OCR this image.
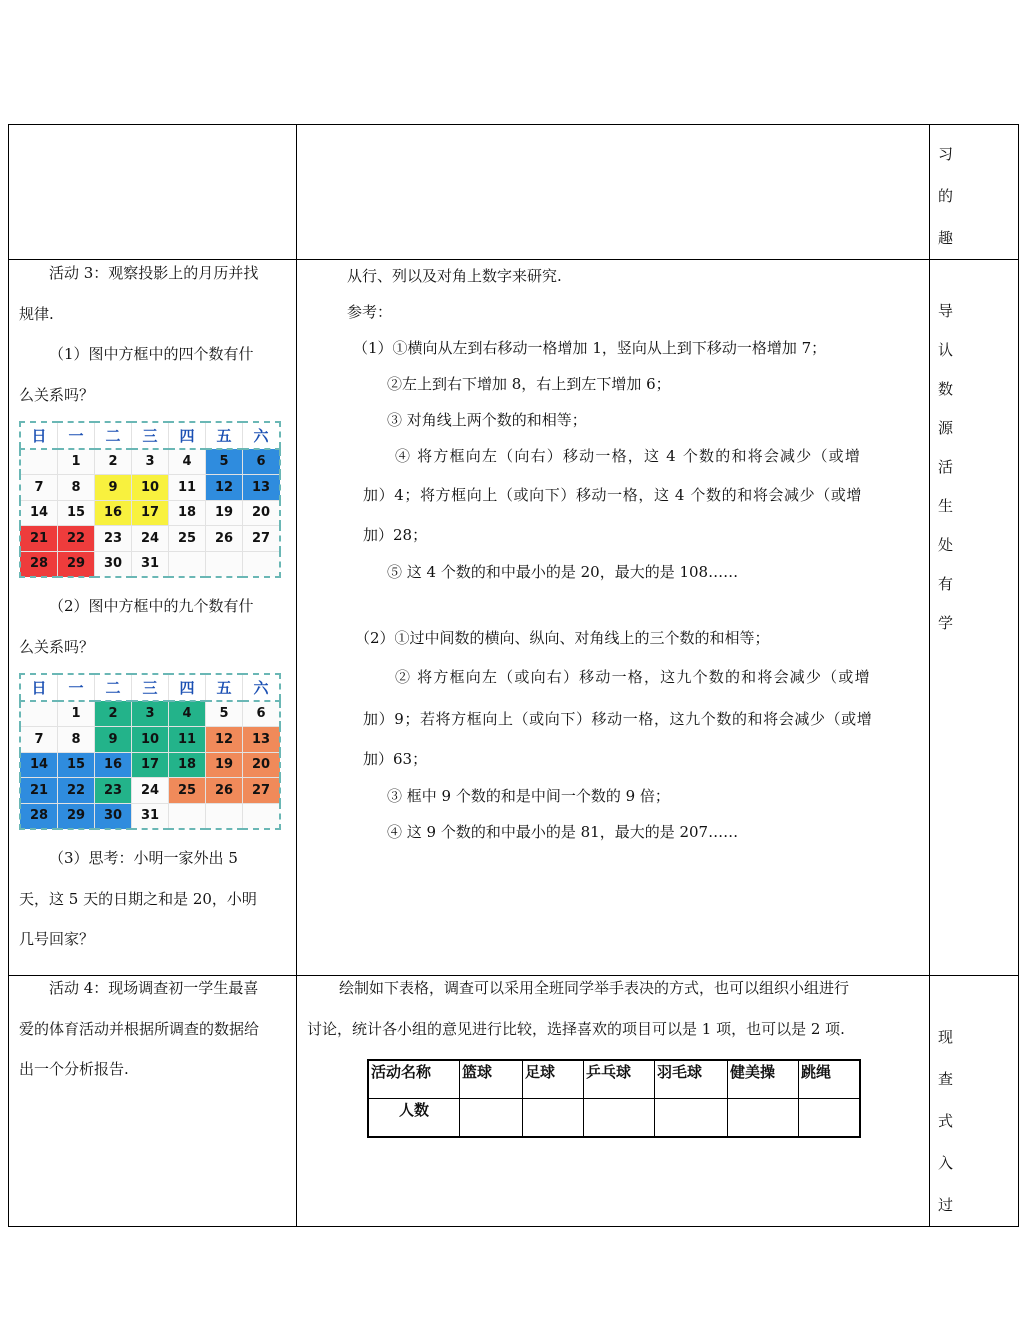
习
的
趣

活动 3：观察投影上的月历并找

规律.

（1）图中方框中的四个数有什

么关系吗？

日	一	二	三	四	五	六
	1	2	3	4	5	6
7	8	9	10	11	12	13
14	15	16	17	18	19	20
21	22	23	24	25	26	27
28	29	30	31			

（2）图中方框中的九个数有什

么关系吗？

日	一	二	三	四	五	六
	1	2	3	4	5	6
7	8	9	10	11	12	13
14	15	16	17	18	19	20
21	22	23	24	25	26	27
28	29	30	31			

（3）思考：小明一家外出 5

天，这 5 天的日期之和是 20，小明

几号回家？

从行、列以及对角上数字来研究.

参考：

（1）①横向从左到右移动一格增加 1，竖向从上到下移动一格增加 7；

②左上到右下增加 8，右上到左下增加 6；

③ 对角线上两个数的和相等；

④ 将方框向左（向右）移动一格，这 4 个数的和将会减少（或增

加）4；将方框向上（或向下）移动一格，这 4 个数的和将会减少（或增

加）28；

⑤ 这 4 个数的和中最小的是 20，最大的是 108……

（2）①过中间数的横向、纵向、对角线上的三个数的和相等；

② 将方框向左（或向右）移动一格，这九个数的和将会减少（或增

加）9；若将方框向上（或向下）移动一格，这九个数的和将会减少（或增

加）63；

③ 框中 9 个数的和是中间一个数的 9 倍；

④ 这 9 个数的和中最小的是 81，最大的是 207……

导
认
数
源
活
生
处
有
学

活动 4：现场调查初一学生最喜

爱的体育活动并根据所调查的数据给

出一个分析报告.

绘制如下表格，调查可以采用全班同学举手表决的方式，也可以组织小组进行

讨论，统计各小组的意见进行比较，选择喜欢的项目可以是 1 项，也可以是 2 项.

活动名称	篮球	足球	乒乓球	羽毛球	健美操	跳绳
人数						

现
查
式
入
过
